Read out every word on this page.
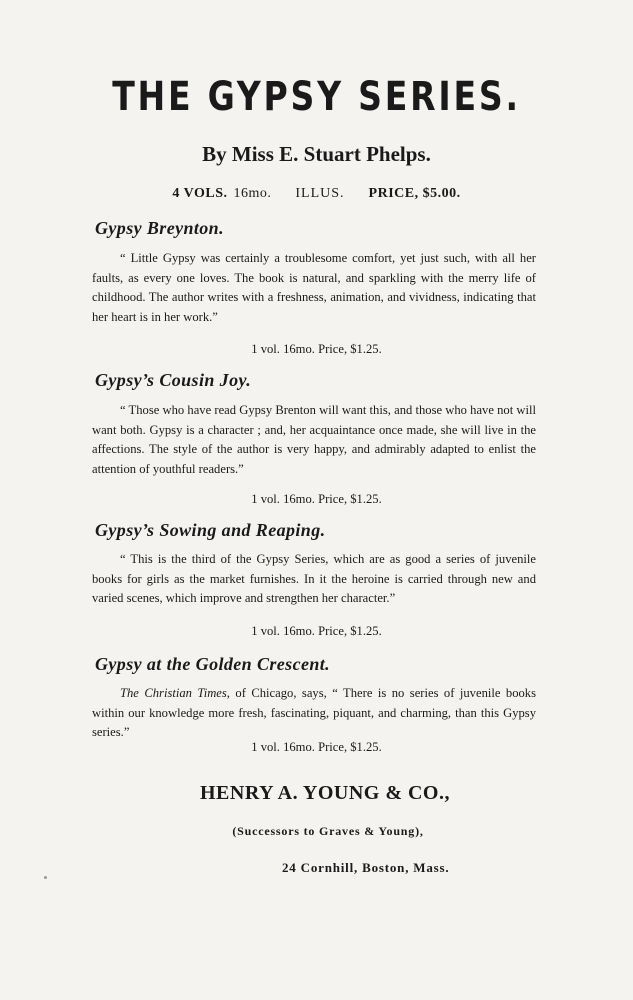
THE GYPSY SERIES.
By Miss E. Stuart Phelps.
4 VOLS. 16mo. ILLUS. PRICE, $5.00.
Gypsy Breynton.

“ Little Gypsy was certainly a troublesome comfort, yet just such, with all her faults, as every one loves. The book is natural, and sparkling with the merry life of childhood. The author writes with a freshness, animation, and vividness, indicating that her heart is in her work.”

1 vol. 16mo. Price, $1.25.

Gypsy’s Cousin Joy.

“ Those who have read Gypsy Brenton will want this, and those who have not will want both. Gypsy is a character ; and, her acquaintance once made, she will live in the affections. The style of the author is very happy, and admirably adapted to enlist the attention of youthful readers.”

1 vol. 16mo. Price, $1.25.

Gypsy’s Sowing and Reaping.

“ This is the third of the Gypsy Series, which are as good a series of juvenile books for girls as the market furnishes. In it the heroine is carried through new and varied scenes, which improve and strengthen her character.”

1 vol. 16mo. Price, $1.25.

Gypsy at the Golden Crescent.

The Christian Times, of Chicago, says, “ There is no series of juvenile books within our knowledge more fresh, fascinating, piquant, and charming, than this Gypsy series.”

1 vol. 16mo. Price, $1.25.

HENRY A. YOUNG & CO.,

(Successors to Graves & Young),

24 Cornhill, Boston, Mass.
